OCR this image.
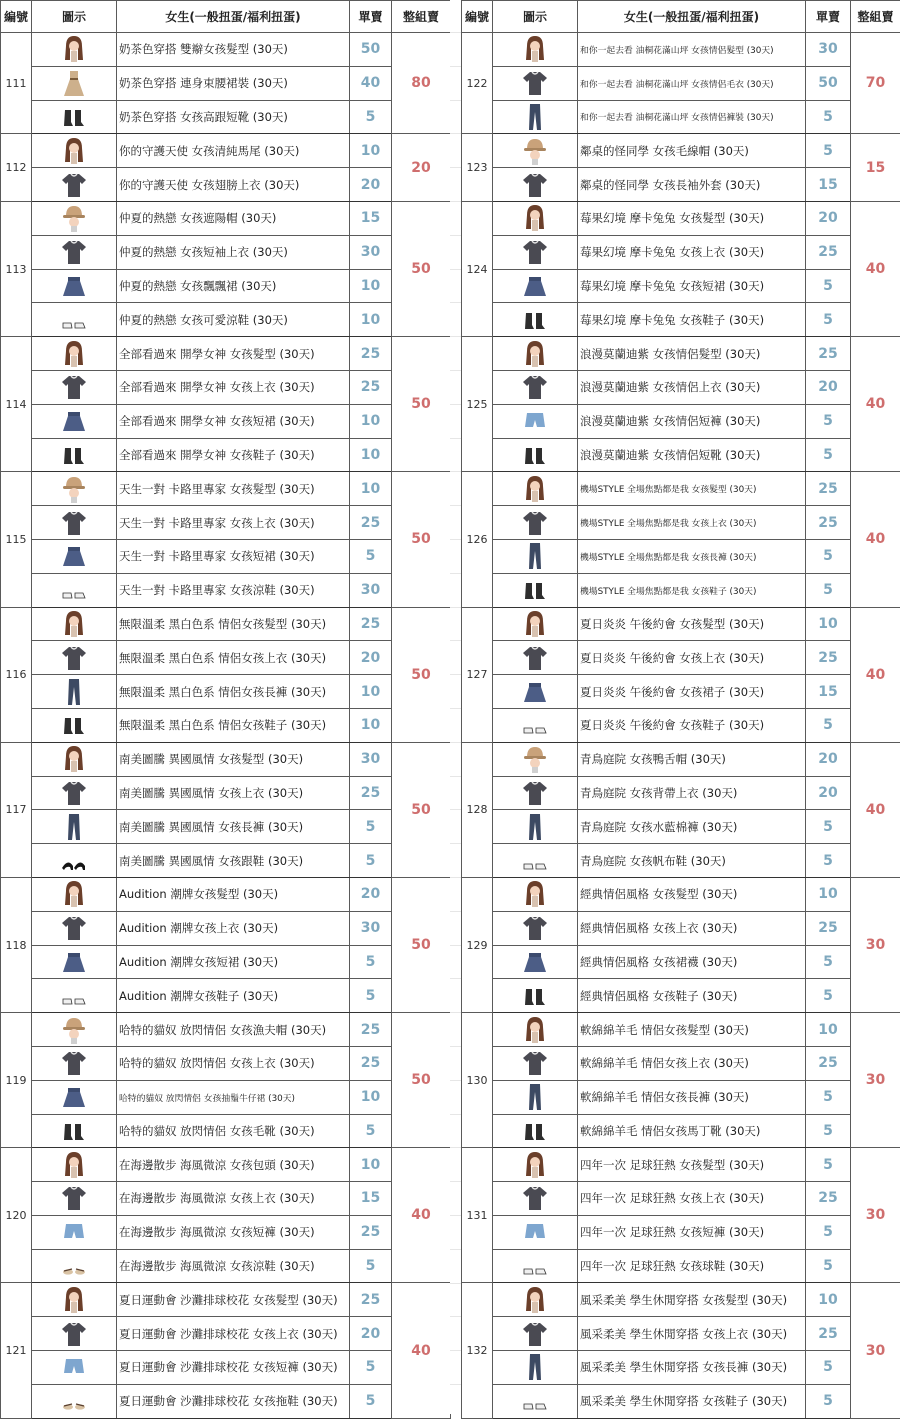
編號	圖示	女生(一般扭蛋/福利扭蛋)	單賣	整組賣
111		奶茶色穿搭 雙辮女孩髮型 (30天)	50	80

	奶茶色穿搭 連身束腰裙裝 (30天)	40	

	奶茶色穿搭 女孩高跟短靴 (30天)	5	
112		你的守護天使 女孩清純馬尾 (30天)	10	20

	你的守護天使 女孩翅膀上衣 (30天)	20	
113		仲夏的熱戀 女孩遮陽帽 (30天)	15	50

	仲夏的熱戀 女孩短袖上衣 (30天)	30	

	仲夏的熱戀 女孩飄飄裙 (30天)	10	

	仲夏的熱戀 女孩可愛涼鞋 (30天)	10	
114		全部看過來 開學女神 女孩髮型 (30天)	25	50

	全部看過來 開學女神 女孩上衣 (30天)	25	

	全部看過來 開學女神 女孩短裙 (30天)	10	

	全部看過來 開學女神 女孩鞋子 (30天)	10	
115		天生一對 卡路里專家 女孩髮型 (30天)	10	50

	天生一對 卡路里專家 女孩上衣 (30天)	25	

	天生一對 卡路里專家 女孩短裙 (30天)	5	

	天生一對 卡路里專家 女孩涼鞋 (30天)	30	
116		無限溫柔 黑白色系 情侶女孩髮型 (30天)	25	50

	無限溫柔 黑白色系 情侶女孩上衣 (30天)	20	

	無限溫柔 黑白色系 情侶女孩長褲 (30天)	10	

	無限溫柔 黑白色系 情侶女孩鞋子 (30天)	10	
117		南美圖騰 異國風情 女孩髮型 (30天)	30	50

	南美圖騰 異國風情 女孩上衣 (30天)	25	

	南美圖騰 異國風情 女孩長褲 (30天)	5	

	南美圖騰 異國風情 女孩跟鞋 (30天)	5	
118		Audition 潮牌女孩髮型 (30天)	20	50

	Audition 潮牌女孩上衣 (30天)	30	

	Audition 潮牌女孩短裙 (30天)	5	

	Audition 潮牌女孩鞋子 (30天)	5	
119		哈特的貓奴 放閃情侶 女孩漁夫帽 (30天)	25	50

	哈特的貓奴 放閃情侶 女孩上衣 (30天)	25	

	哈特的貓奴 放閃情侶 女孩抽鬚牛仔裙 (30天)	10	

	哈特的貓奴 放閃情侶 女孩毛靴 (30天)	5	
120		在海邊散步 海風微涼 女孩包頭 (30天)	10	40

	在海邊散步 海風微涼 女孩上衣 (30天)	15	

	在海邊散步 海風微涼 女孩短褲 (30天)	25	

	在海邊散步 海風微涼 女孩涼鞋 (30天)	5	
121		夏日運動會 沙灘排球校花 女孩髮型 (30天)	25	40

	夏日運動會 沙灘排球校花 女孩上衣 (30天)	20	

	夏日運動會 沙灘排球校花 女孩短褲 (30天)	5	

	夏日運動會 沙灘排球校花 女孩拖鞋 (30天)	5	
編號	圖示	女生(一般扭蛋/福利扭蛋)	單賣	整組賣
122		和你一起去看 油桐花滿山坪 女孩情侶髮型 (30天)	30	70

	和你一起去看 油桐花滿山坪 女孩情侶毛衣 (30天)	50	

	和你一起去看 油桐花滿山坪 女孩情侶褲裝 (30天)	5	
123		鄰桌的怪同學 女孩毛線帽 (30天)	5	15

	鄰桌的怪同學 女孩長袖外套 (30天)	15	
124		莓果幻境 摩卡兔兔 女孩髮型 (30天)	20	40

	莓果幻境 摩卡兔兔 女孩上衣 (30天)	25	

	莓果幻境 摩卡兔兔 女孩短裙 (30天)	5	

	莓果幻境 摩卡兔兔 女孩鞋子 (30天)	5	
125		浪漫莫蘭迪紫 女孩情侶髮型 (30天)	25	40

	浪漫莫蘭迪紫 女孩情侶上衣 (30天)	20	

	浪漫莫蘭迪紫 女孩情侶短褲 (30天)	5	

	浪漫莫蘭迪紫 女孩情侶短靴 (30天)	5	
126		機場STYLE 全場焦點都是我 女孩髮型 (30天)	25	40

	機場STYLE 全場焦點都是我 女孩上衣 (30天)	25	

	機場STYLE 全場焦點都是我 女孩長褲 (30天)	5	

	機場STYLE 全場焦點都是我 女孩鞋子 (30天)	5	
127		夏日炎炎 午後約會 女孩髮型 (30天)	10	40

	夏日炎炎 午後約會 女孩上衣 (30天)	25	

	夏日炎炎 午後約會 女孩裙子 (30天)	15	

	夏日炎炎 午後約會 女孩鞋子 (30天)	5	
128		青鳥庭院 女孩鴨舌帽 (30天)	20	40

	青鳥庭院 女孩背帶上衣 (30天)	20	

	青鳥庭院 女孩水藍棉褲 (30天)	5	

	青鳥庭院 女孩帆布鞋 (30天)	5	
129		經典情侶風格 女孩髮型 (30天)	10	30

	經典情侶風格 女孩上衣 (30天)	25	

	經典情侶風格 女孩裙襪 (30天)	5	

	經典情侶風格 女孩鞋子 (30天)	5	
130		軟綿綿羊毛 情侶女孩髮型 (30天)	10	30

	軟綿綿羊毛 情侶女孩上衣 (30天)	25	

	軟綿綿羊毛 情侶女孩長褲 (30天)	5	

	軟綿綿羊毛 情侶女孩馬丁靴 (30天)	5	
131		四年一次 足球狂熱 女孩髮型 (30天)	5	30

	四年一次 足球狂熱 女孩上衣 (30天)	25	

	四年一次 足球狂熱 女孩短褲 (30天)	5	

	四年一次 足球狂熱 女孩球鞋 (30天)	5	
132		風采柔美 學生休閒穿搭 女孩髮型 (30天)	10	30

	風采柔美 學生休閒穿搭 女孩上衣 (30天)	25	

	風采柔美 學生休閒穿搭 女孩長褲 (30天)	5	

	風采柔美 學生休閒穿搭 女孩鞋子 (30天)	5	
